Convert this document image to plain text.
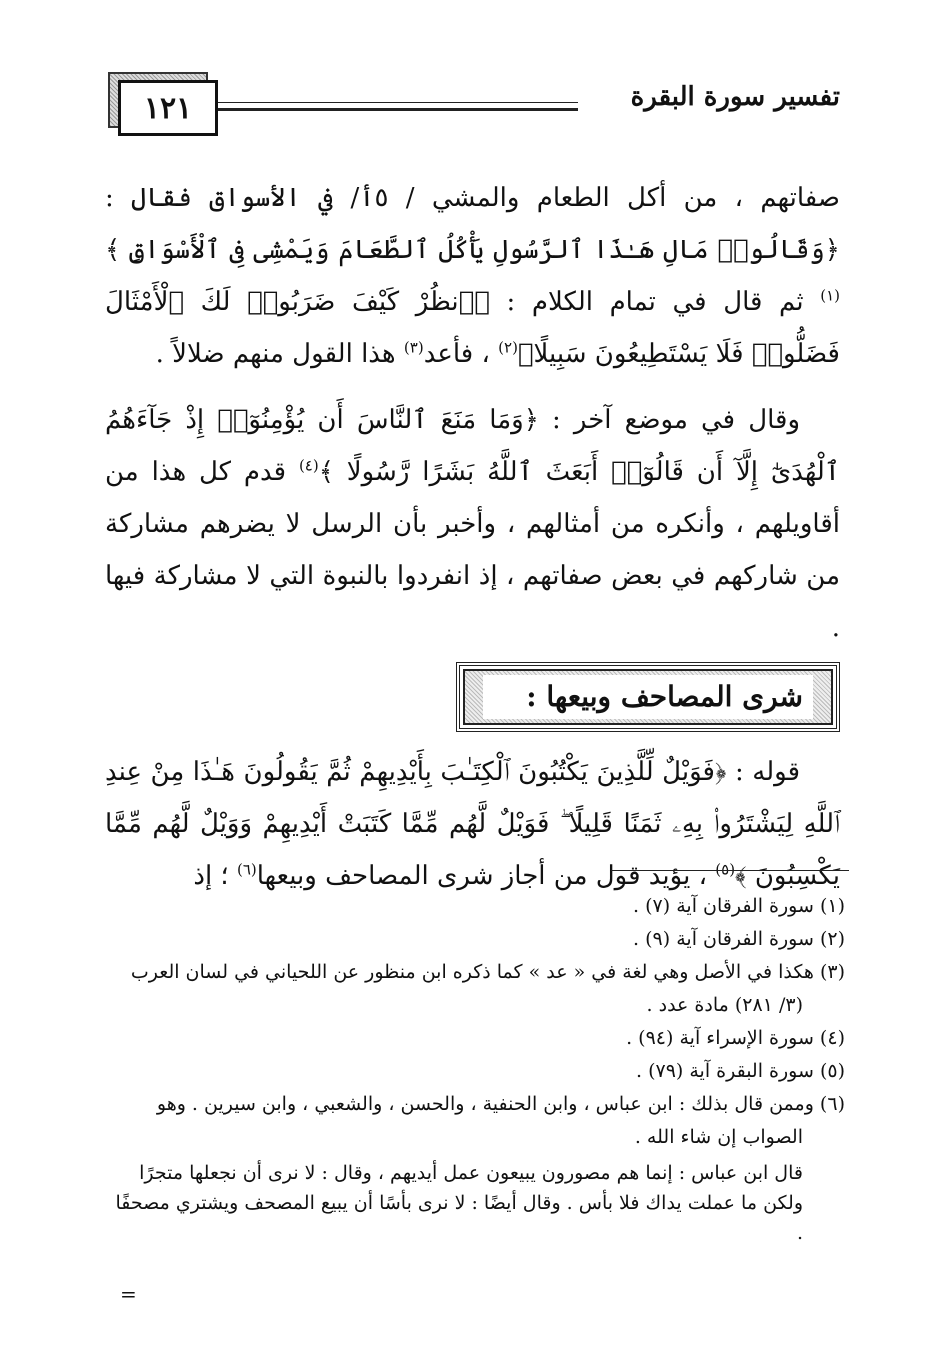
١٢١	تفسير سورة البقرة

صفاتهم ، من أكل الطعام والمشي / ٥أ/ في الأسواق فقال : ﴿وَقَالُوا۟ مَالِ هَـٰذَا ٱلرَّسُولِ يَأْكُلُ ٱلطَّعَامَ وَيَمْشِى فِى ٱلْأَسْوَاقِ ﴾$^{(١)}$ ثم قال في تمام الكلام : ﴿ٱنظُرْ كَيْفَ ضَرَبُوا۟ لَكَ ٱلْأَمْثَالَ فَضَلُّوا۟ فَلَا يَسْتَطِيعُونَ سَبِيلًا﴾$^{(٢)}$ ، فأعد$^{(٣)}$ هذا القول منهم ضلالاً .

وقال في موضع آخر : ﴿وَمَا مَنَعَ ٱلنَّاسَ أَن يُؤْمِنُوٓا۟ إِذْ جَآءَهُمُ ٱلْهُدَىٰٓ إِلَّآ أَن قَالُوٓا۟ أَبَعَثَ ٱللَّهُ بَشَرًا رَّسُولًا ﴾$^{(٤)}$ قدم كل هذا من أقاويلهم ، وأنكره من أمثالهم ، وأخبر بأن الرسل لا يضرهم مشاركة من شاركهم في بعض صفاتهم ، إذ انفردوا بالنبوة التي لا مشاركة فيها .

شرى المصاحف وبيعها :

قوله : ﴿فَوَيْلٌ لِّلَّذِينَ يَكْتُبُونَ ٱلْكِتَـٰبَ بِأَيْدِيهِمْ ثُمَّ يَقُولُونَ هَـٰذَا مِنْ عِندِ ٱللَّهِ لِيَشْتَرُوا۟ بِهِۦ ثَمَنًا قَلِيلًا ۖ فَوَيْلٌ لَّهُم مِّمَّا كَتَبَتْ أَيْدِيهِمْ وَوَيْلٌ لَّهُم مِّمَّا يَكْسِبُونَ ﴾$^{(٥)}$ ، يؤيد قول من أجاز شرى المصاحف وبيعها$^{(٦)}$ ؛ إذ

(١) سورة الفرقان آية (٧) .

(٢) سورة الفرقان آية (٩) .

(٣) هكذا في الأصل وهي لغة في « عد » كما ذكره ابن منظور عن اللحياني في لسان العرب (٣/ ٢٨١) مادة عدد .

(٤) سورة الإسراء آية (٩٤) .

(٥) سورة البقرة آية (٧٩) .

(٦) وممن قال بذلك : ابن عباس ، وابن الحنفية ، والحسن ، والشعبي ، وابن سيرين . وهو الصواب إن شاء الله .

قال ابن عباس : إنما هم مصورون يبيعون عمل أيديهم ، وقال : لا نرى أن نجعلها متجرًا ولكن ما عملت يداك فلا بأس . وقال أيضًا : لا نرى بأسًا أن يبيع المصحف ويشتري مصحفًا .

=
